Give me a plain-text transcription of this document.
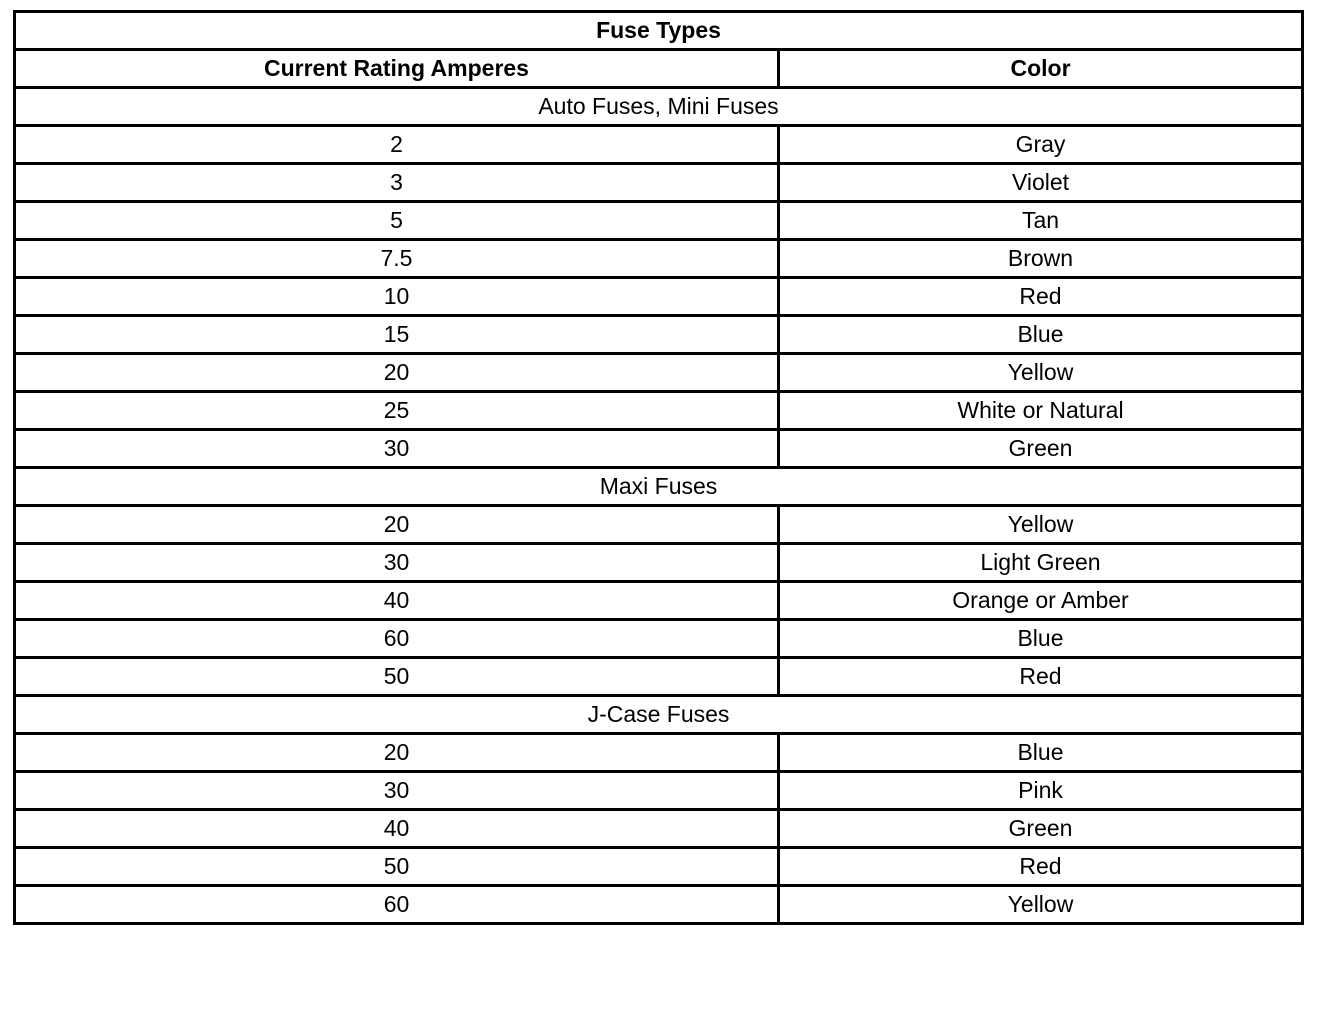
Fuse Types	
Current Rating Amperes	Color
Auto Fuses, Mini Fuses	
2	Gray
3	Violet
5	Tan
7.5	Brown
10	Red
15	Blue
20	Yellow
25	White or Natural
30	Green
Maxi Fuses	
20	Yellow
30	Light Green
40	Orange or Amber
60	Blue
50	Red
J-Case Fuses	
20	Blue
30	Pink
40	Green
50	Red
60	Yellow
